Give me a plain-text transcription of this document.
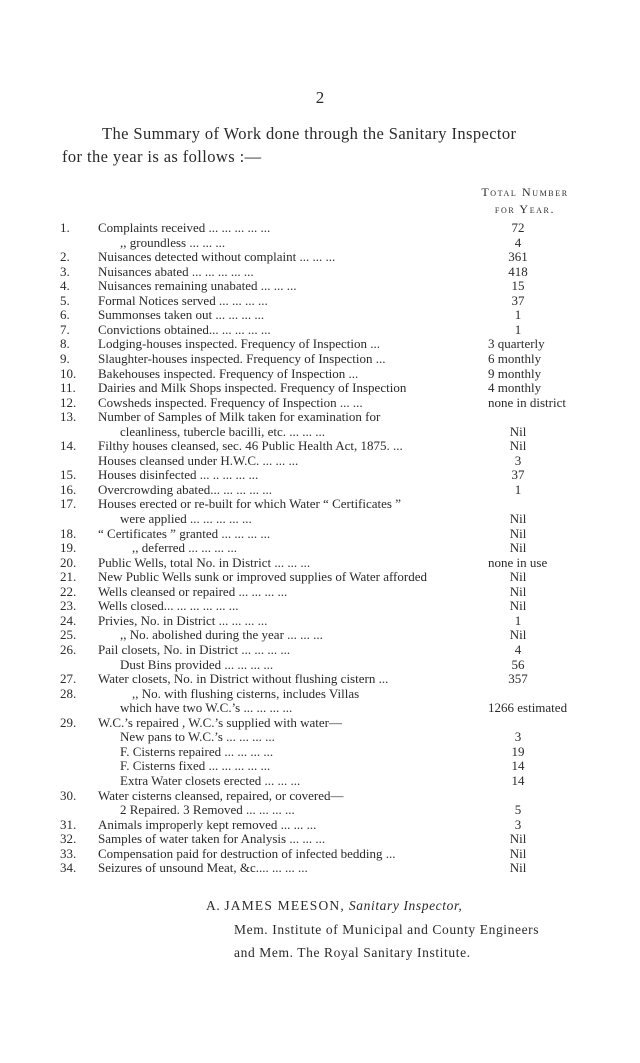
2
The Summary of Work done through the Sanitary Inspector
for the year is as follows :—
Total Number
for Year.
1.	Complaints received ... ... ... ... ...	72
,, groundless ... ... ...	4
2.	Nuisances detected without complaint ... ... ...	361
3.	Nuisances abated ... ... ... ... ...	418
4.	Nuisances remaining unabated ... ... ...	15
5.	Formal Notices served ... ... ... ...	37
6.	Summonses taken out ... ... ... ...	1
7.	Convictions obtained... ... ... ... ...	1
8.	Lodging-houses inspected. Frequency of Inspection ...	3 quarterly
9.	Slaughter-houses inspected. Frequency of Inspection ...	6 monthly
10.	Bakehouses inspected. Frequency of Inspection ...	9 monthly
11.	Dairies and Milk Shops inspected. Frequency of Inspection	4 monthly
12.	Cowsheds inspected. Frequency of Inspection ... ...	none in district
13.	Number of Samples of Milk taken for examination for
cleanliness, tubercle bacilli, etc. ... ... ...	Nil
14.	Filthy houses cleansed, sec. 46 Public Health Act, 1875. ...	Nil
Houses cleansed under H.W.C. ... ... ...	3
15.	Houses disinfected ... .. ... ... ...	37
16.	Overcrowding abated... ... ... ... ...	1
17.	Houses erected or re-built for which Water “ Certificates ”
were applied ... ... ... ... ...	Nil
18.	“ Certificates ” granted ... ... ... ...	Nil
19.	,, deferred ... ... ... ...	Nil
20.	Public Wells, total No. in District ... ... ...	none in use
21.	New Public Wells sunk or improved supplies of Water afforded	Nil
22.	Wells cleansed or repaired ... ... ... ...	Nil
23.	Wells closed... ... ... ... ... ...	Nil
24.	Privies, No. in District ... ... ... ...	1
25.	,, No. abolished during the year ... ... ...	Nil
26.	Pail closets, No. in District ... ... ... ...	4
Dust Bins provided ... ... ... ...	56
27.	Water closets, No. in District without flushing cistern ...	357
28.	,, No. with flushing cisterns, includes Villas
which have two W.C.’s ... ... ... ...	1266 estimated
29.	W.C.’s repaired , W.C.’s supplied with water—
New pans to W.C.’s ... ... ... ...	3
F. Cisterns repaired ... ... ... ...	19
F. Cisterns fixed ... ... ... ... ...	14
Extra Water closets erected ... ... ...	14
30.	Water cisterns cleansed, repaired, or covered—
2 Repaired. 3 Removed ... ... ... ...	5
31.	Animals improperly kept removed ... ... ...	3
32.	Samples of water taken for Analysis ... ... ...	Nil
33.	Compensation paid for destruction of infected bedding ...	Nil
34.	Seizures of unsound Meat, &c.... ... ... ...	Nil
A. JAMES MEESON, Sanitary Inspector,
Mem. Institute of Municipal and County Engineers
and Mem. The Royal Sanitary Institute.
